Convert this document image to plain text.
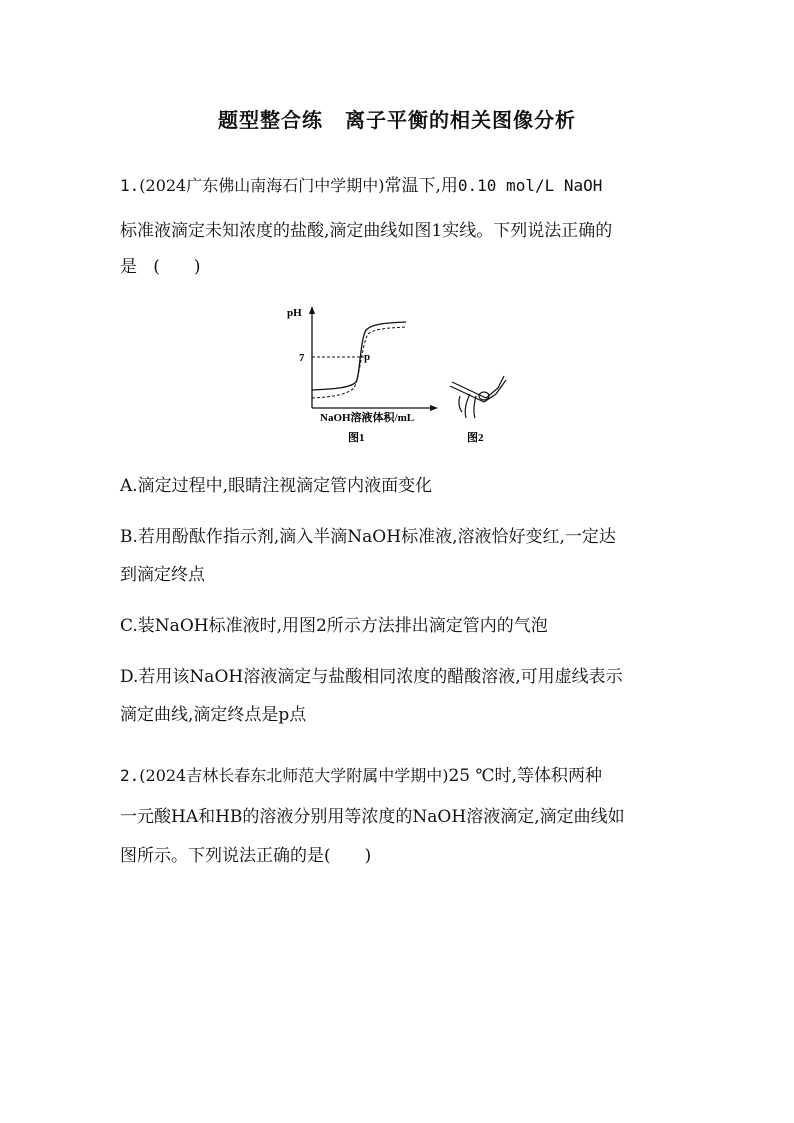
题型整合练 离子平衡的相关图像分析
1.(2024广东佛山南海石门中学期中)常温下,用0.10 mol/L NaOH
标准液滴定未知浓度的盐酸,滴定曲线如图1实线。下列说法正确的
是 ( )
pH
7	p
NaOH溶液体积/mL
图1	图2
A.滴定过程中,眼睛注视滴定管内液面变化
B.若用酚酞作指示剂,滴入半滴NaOH标准液,溶液恰好变红,一定达
到滴定终点
C.装NaOH标准液时,用图2所示方法排出滴定管内的气泡
D.若用该NaOH溶液滴定与盐酸相同浓度的醋酸溶液,可用虚线表示
滴定曲线,滴定终点是p点
2.(2024吉林长春东北师范大学附属中学期中)25 ℃时,等体积两种
一元酸HA和HB的溶液分别用等浓度的NaOH溶液滴定,滴定曲线如
图所示。下列说法正确的是( )
